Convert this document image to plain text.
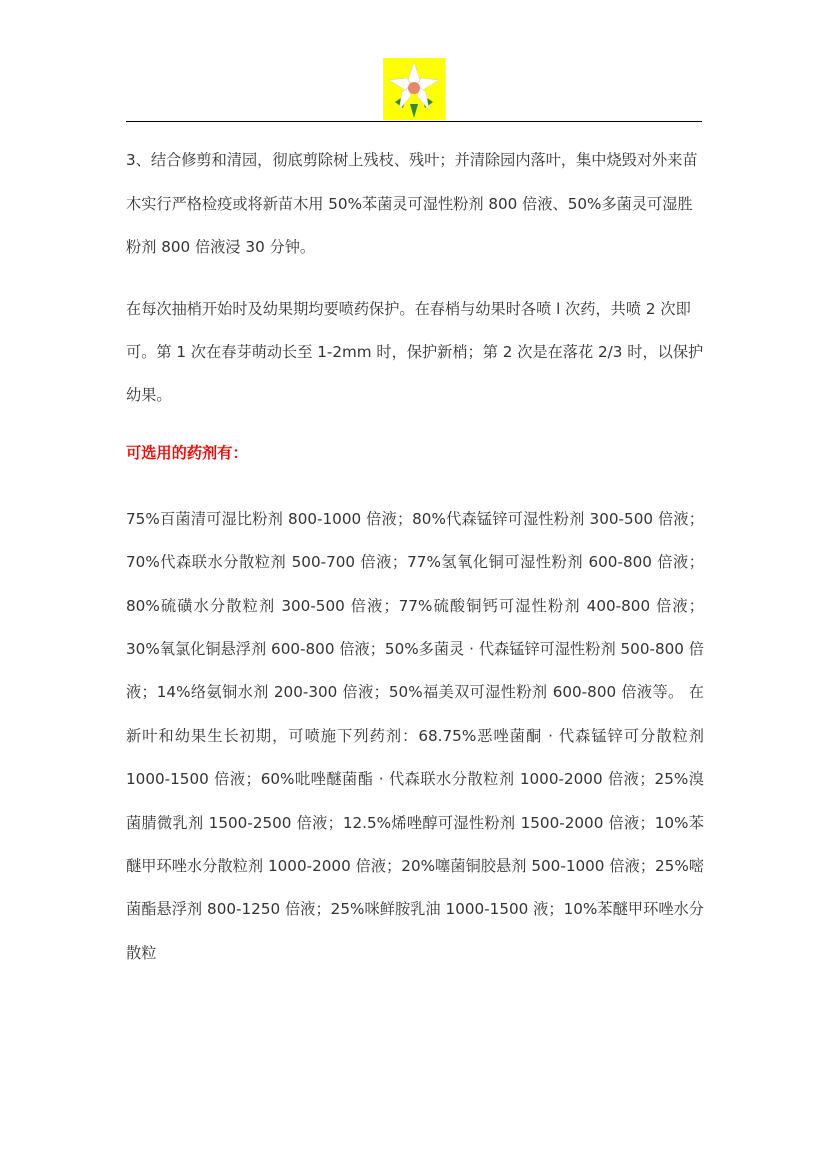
3、结合修剪和清园，彻底剪除树上残枝、残叶；并清除园内落叶，集中烧毁对外来苗木实行严格检疫或将新苗木用 50%苯菌灵可湿性粉剂 800 倍液、50%多菌灵可湿胜粉剂 800 倍液浸 30 分钟。

在每次抽梢开始时及幼果期均要喷药保护。在春梢与幼果时各喷 l 次药，共喷 2 次即可。第 1 次在春芽萌动长至 1-2mm 时，保护新梢；第 2 次是在落花 2/3 时，以保护幼果。

可选用的药剂有：

75%百菌清可湿比粉剂 800-1000 倍液；80%代森锰锌可湿性粉剂 300-500 倍液；70%代森联水分散粒剂 500-700 倍液；77%氢氧化铜可湿性粉剂 600-800 倍液；80%硫磺水分散粒剂 300-500 倍液；77%硫酸铜钙可湿性粉剂 400-800 倍液；30%氧氯化铜悬浮剂 600-800 倍液；50%多菌灵 · 代森锰锌可湿性粉剂 500-800 倍液；14%络氨铜水剂 200-300 倍液；50%福美双可湿性粉剂 600-800 倍液等。 在新叶和幼果生长初期，可喷施下列药剂：68.75%恶唑菌酮 · 代森锰锌可分散粒剂 1000-1500 倍液；60%吡唑醚菌酯 · 代森联水分散粒剂 1000-2000 倍液；25%溴菌腈微乳剂 1500-2500 倍液；12.5%烯唑醇可湿性粉剂 1500-2000 倍液；10%苯醚甲环唑水分散粒剂 1000-2000 倍液；20%噻菌铜胶悬剂 500-1000 倍液；25%嘧菌酯悬浮剂 800-1250 倍液；25%咪鲜胺乳油 1000-1500 液；10%苯醚甲环唑水分散粒
